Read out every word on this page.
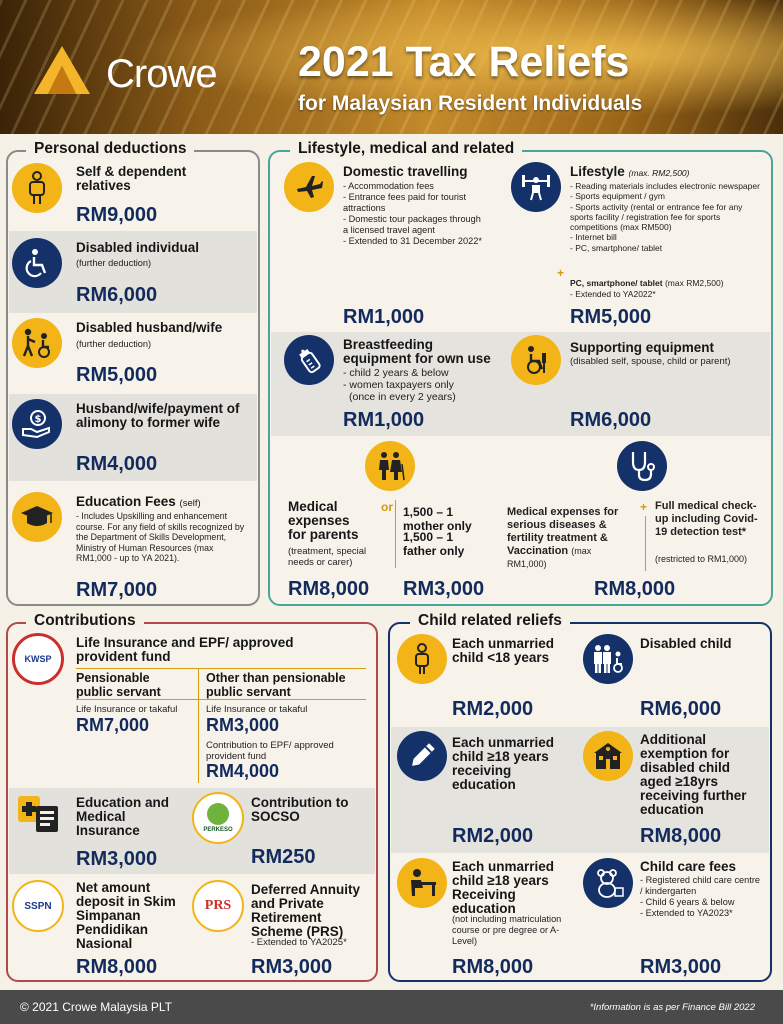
Crowe 2021 Tax Reliefs
for Malaysian Resident Individuals
Personal deductions
Self & dependent relatives
RM9,000
Disabled individual
(further deduction)
RM6,000
Disabled husband/wife
(further deduction)
RM5,000
$
Husband/wife/payment of alimony to former wife
RM4,000
Education Fees (self)
- Includes Upskilling and enhancement course. For any field of skills recognized by the Department of Skills Development, Ministry of Human Resources (max RM1,000 - up to YA 2021).
RM7,000
Lifestyle, medical and related
Domestic travelling
- Accommodation fees
- Entrance fees paid for tourist attractions
- Domestic tour packages through a licensed travel agent
- Extended to 31 December 2022*
RM1,000
Lifestyle (max. RM2,500)
- Reading materials includes electronic newspaper
- Sports equipment / gym
- Sports activity (rental or entrance fee for any sports facility / registration fee for sports competitions (max RM500)
- Internet bill
- PC, smartphone/ tablet
+
PC, smartphone/ tablet (max RM2,500)
- Extended to YA2022*
RM5,000
Breastfeeding equipment for own use
- child 2 years & below
- women taxpayers only
(once in every 2 years)
RM1,000
Supporting equipment
(disabled self, spouse, child or parent)
RM6,000
Medical expenses for parents
(treatment, special needs or carer)
or 1,500 – 1 mother only
1,500 – 1 father only
RM8,000 RM3,000
Medical expenses for serious diseases & fertility treatment & Vaccination (max RM1,000)
+ Full medical check-up including Covid-19 detection test*
(restricted to RM1,000)
RM8,000
Contributions
KWSP
Life Insurance and EPF/ approved provident fund
Pensionable public servant
Other than pensionable public servant
Life Insurance or takaful
RM7,000
Life Insurance or takaful
RM3,000
Contribution to EPF/ approved provident fund
RM4,000
Education and Medical Insurance
RM3,000
PERKESO
Contribution to SOCSO
RM250
SSPN
Net amount deposit in Skim Simpanan Pendidikan Nasional
RM8,000
PRS
Deferred Annuity and Private Retirement Scheme (PRS)
- Extended to YA2025*
RM3,000
Child related reliefs
Each unmarried child <18 years
RM2,000
Disabled child
RM6,000
Each unmarried child ≥18 years receiving education
RM2,000
Additional exemption for disabled child aged ≥18yrs receiving further education
RM8,000
Each unmarried child ≥18 years Receiving education
(not including matriculation course or pre degree or A-Level)
RM8,000
Child care fees
- Registered child care centre / kindergarten
- Child 6 years & below
- Extended to YA2023*
RM3,000
© 2021 Crowe Malaysia PLT	*Information is as per Finance Bill 2022
